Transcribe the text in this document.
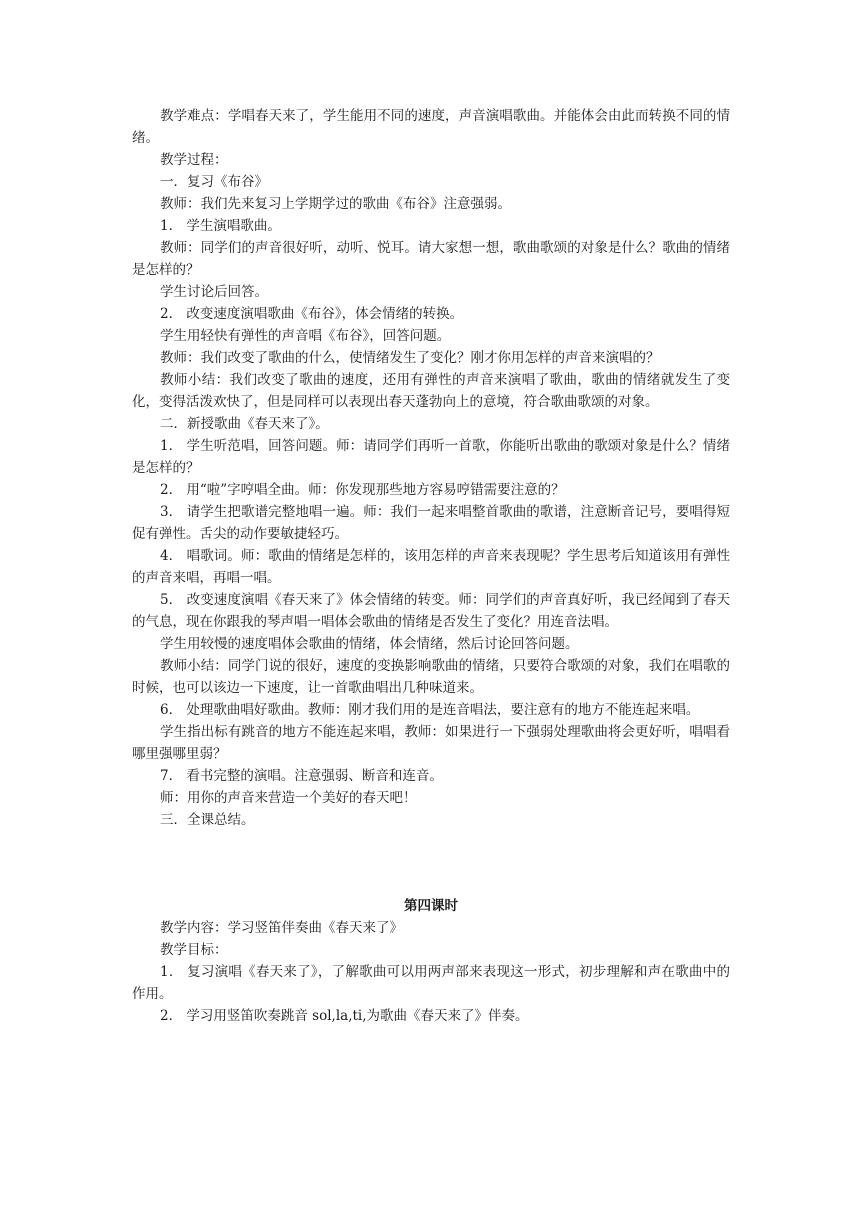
教学难点：学唱春天来了，学生能用不同的速度，声音演唱歌曲。并能体会由此而转换不同的情绪。

教学过程：

一．复习《布谷》

教师：我们先来复习上学期学过的歌曲《布谷》注意强弱。

1． 学生演唱歌曲。

教师：同学们的声音很好听，动听、悦耳。请大家想一想，歌曲歌颂的对象是什么？歌曲的情绪是怎样的？

学生讨论后回答。

2． 改变速度演唱歌曲《布谷》，体会情绪的转换。

学生用轻快有弹性的声音唱《布谷》，回答问题。

教师：我们改变了歌曲的什么，使情绪发生了变化？刚才你用怎样的声音来演唱的？

教师小结：我们改变了歌曲的速度，还用有弹性的声音来演唱了歌曲，歌曲的情绪就发生了变化，变得活泼欢快了，但是同样可以表现出春天蓬勃向上的意境，符合歌曲歌颂的对象。

二．新授歌曲《春天来了》。

1． 学生听范唱，回答问题。师：请同学们再听一首歌，你能听出歌曲的歌颂对象是什么？情绪是怎样的？

2． 用“啦”字哼唱全曲。师：你发现那些地方容易哼错需要注意的？

3． 请学生把歌谱完整地唱一遍。师：我们一起来唱整首歌曲的歌谱，注意断音记号，要唱得短促有弹性。舌尖的动作要敏捷轻巧。

4． 唱歌词。师：歌曲的情绪是怎样的，该用怎样的声音来表现呢？学生思考后知道该用有弹性的声音来唱，再唱一唱。

5． 改变速度演唱《春天来了》体会情绪的转变。师：同学们的声音真好听，我已经闻到了春天的气息，现在你跟我的琴声唱一唱体会歌曲的情绪是否发生了变化？用连音法唱。

学生用较慢的速度唱体会歌曲的情绪，体会情绪，然后讨论回答问题。

教师小结：同学门说的很好，速度的变换影响歌曲的情绪，只要符合歌颂的对象，我们在唱歌的时候，也可以该边一下速度，让一首歌曲唱出几种味道来。

6． 处理歌曲唱好歌曲。教师：刚才我们用的是连音唱法，要注意有的地方不能连起来唱。

学生指出标有跳音的地方不能连起来唱，教师：如果进行一下强弱处理歌曲将会更好听，唱唱看哪里强哪里弱？

7． 看书完整的演唱。注意强弱、断音和连音。

师：用你的声音来营造一个美好的春天吧！

三．全课总结。

第四课时

教学内容：学习竖笛伴奏曲《春天来了》

教学目标：

1． 复习演唱《春天来了》，了解歌曲可以用两声部来表现这一形式，初步理解和声在歌曲中的作用。

2． 学习用竖笛吹奏跳音 sol,la,ti,为歌曲《春天来了》伴奏。
